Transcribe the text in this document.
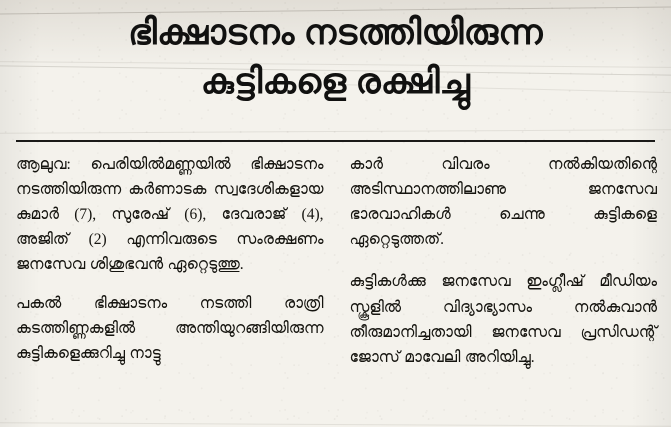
ഭിക്ഷാടനം നടത്തിയിരുന്ന
കുട്ടികളെ രക്ഷിച്ചു

ആലുവ: പെരിയിൽമണ്ണയിൽ ഭിക്ഷാടനം നടത്തിയിരുന്ന കർണാടക സ്വദേശികളായ കുമാർ (7), സുരേഷ് (6), ദേവരാജ് (4), അജിത് (2) എന്നിവരുടെ സംരക്ഷണം ജനസേവ ശിശുഭവൻ ഏറ്റെടുത്തു.

പകൽ ഭിക്ഷാടനം നടത്തി രാത്രി കടത്തിണ്ണകളിൽ അന്തിയുറങ്ങിയിരുന്ന കുട്ടികളെക്കുറിച്ചു നാട്ടു

കാർ വിവരം നൽകിയതിന്റെ അടിസ്ഥാനത്തിലാണു ജനസേവ ഭാരവാഹികൾ ചെന്നു കുട്ടികളെ ഏറ്റെടുത്തത്.

കുട്ടികൾക്കു ജനസേവ ഇംഗ്ലീഷ് മീഡിയം സ്കൂളിൽ വിദ്യാഭ്യാസം നൽകുവാൻ തീരുമാനിച്ചതായി ജനസേവ പ്രസിഡന്റ് ജോസ് മാവേലി അറിയിച്ചു.
